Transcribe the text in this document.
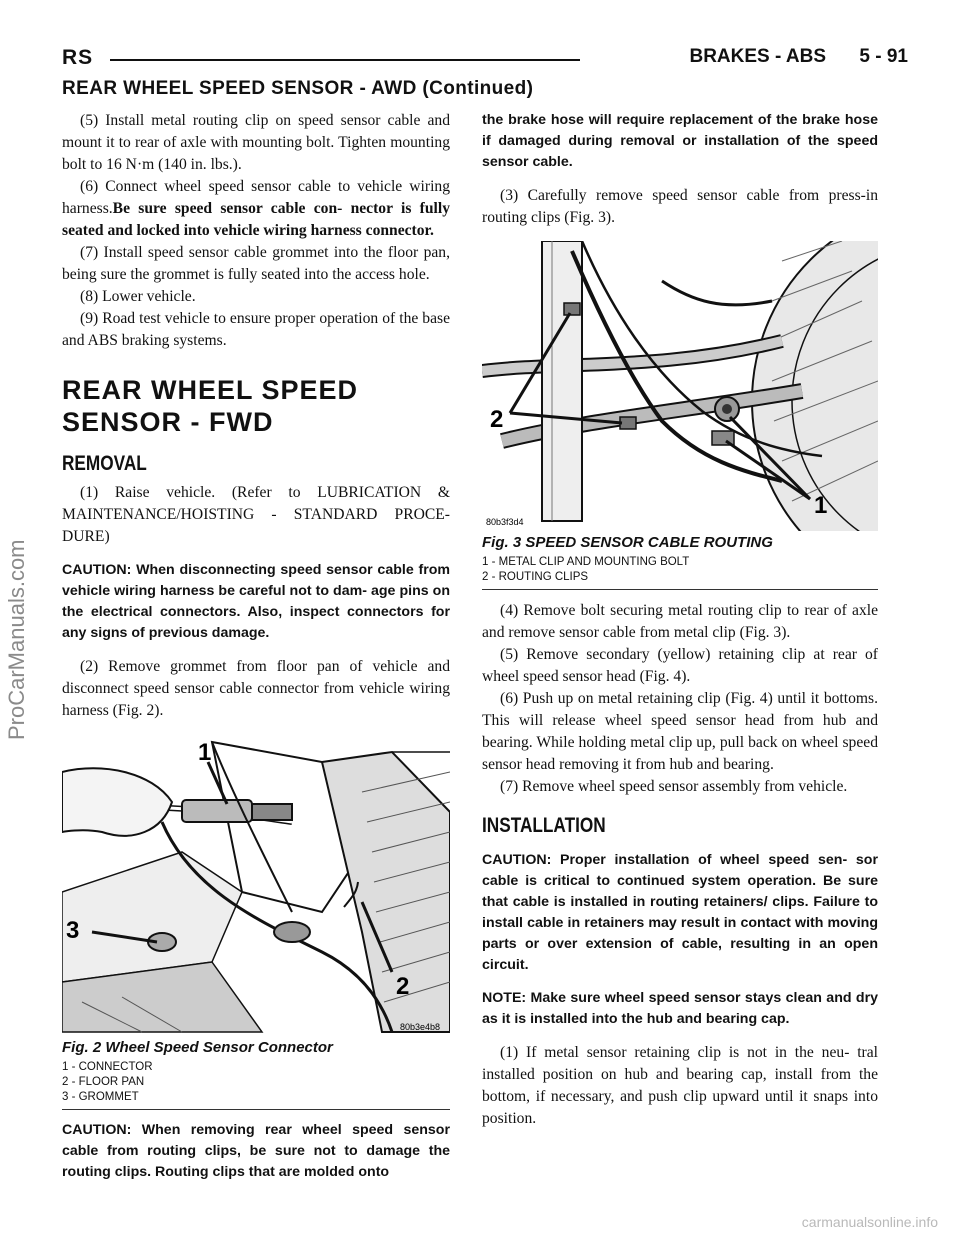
RS	BRAKES - ABS 5 - 91
REAR WHEEL SPEED SENSOR - AWD (Continued)

(5) Install metal routing clip on speed sensor cable and mount it to rear of axle with mounting bolt. Tighten mounting bolt to 16 N·m (140 in. lbs.).

(6) Connect wheel speed sensor cable to vehicle wiring harness.Be sure speed sensor cable con- nector is fully seated and locked into vehicle wiring harness connector.

(7) Install speed sensor cable grommet into the floor pan, being sure the grommet is fully seated into the access hole.

(8) Lower vehicle.

(9) Road test vehicle to ensure proper operation of the base and ABS braking systems.

REAR WHEEL SPEED SENSOR - FWD
REMOVAL

(1) Raise vehicle. (Refer to LUBRICATION & MAINTENANCE/HOISTING - STANDARD PROCE- DURE)

CAUTION: When disconnecting speed sensor cable from vehicle wiring harness be careful not to dam- age pins on the electrical connectors. Also, inspect connectors for any signs of previous damage.

(2) Remove grommet from floor pan of vehicle and disconnect speed sensor cable connector from vehicle wiring harness (Fig. 2).

1
2
3
80b3e4b8
Fig. 2 Wheel Speed Sensor Connector
1 - CONNECTOR
2 - FLOOR PAN
3 - GROMMET

CAUTION: When removing rear wheel speed sensor cable from routing clips, be sure not to damage the routing clips. Routing clips that are molded onto

the brake hose will require replacement of the brake hose if damaged during removal or installation of the speed sensor cable.

(3) Carefully remove speed sensor cable from press-in routing clips (Fig. 3).

2
1
80b3f3d4
Fig. 3 SPEED SENSOR CABLE ROUTING
1 - METAL CLIP AND MOUNTING BOLT
2 - ROUTING CLIPS

(4) Remove bolt securing metal routing clip to rear of axle and remove sensor cable from metal clip (Fig. 3).

(5) Remove secondary (yellow) retaining clip at rear of wheel speed sensor head (Fig. 4).

(6) Push up on metal retaining clip (Fig. 4) until it bottoms. This will release wheel speed sensor head from hub and bearing. While holding metal clip up, pull back on wheel speed sensor head removing it from hub and bearing.

(7) Remove wheel speed sensor assembly from vehicle.

INSTALLATION

CAUTION: Proper installation of wheel speed sen- sor cable is critical to continued system operation. Be sure that cable is installed in routing retainers/ clips. Failure to install cable in retainers may result in contact with moving parts or over extension of cable, resulting in an open circuit.

NOTE: Make sure wheel speed sensor stays clean and dry as it is installed into the hub and bearing cap.

(1) If metal sensor retaining clip is not in the neu- tral installed position on hub and bearing cap, install from the bottom, if necessary, and push clip upward until it snaps into position.

ProCarManuals.com
carmanualsonline.info
